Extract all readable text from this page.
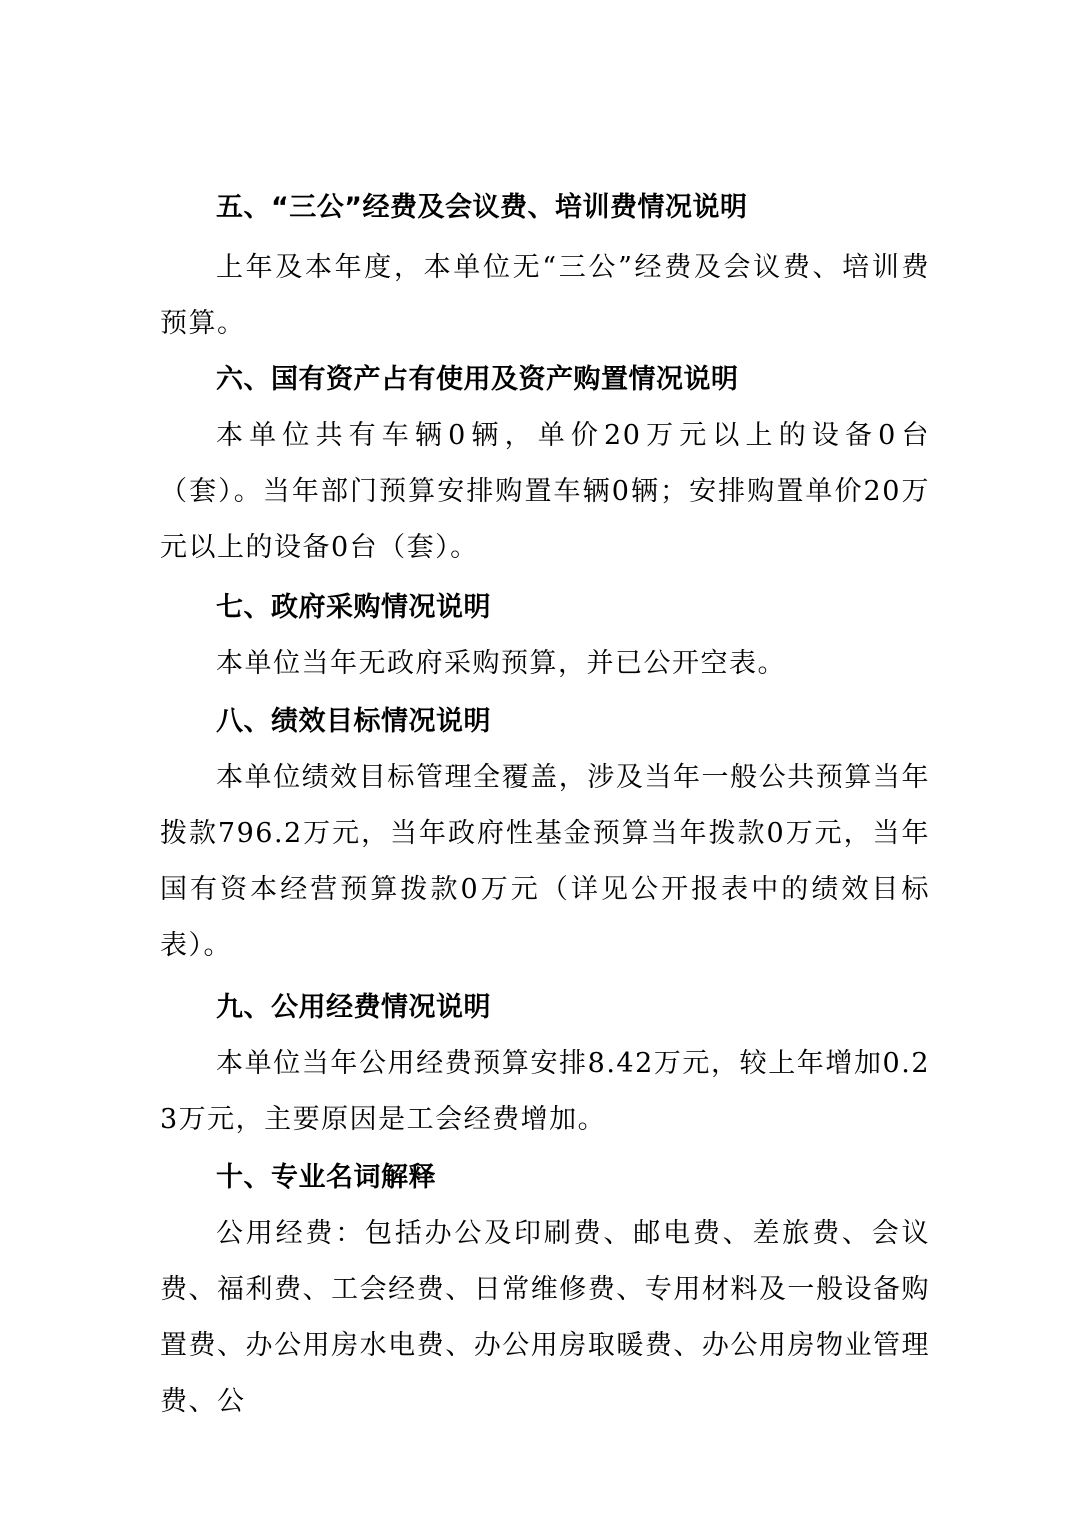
五、“三公”经费及会议费、培训费情况说明

上年及本年度，本单位无“三公”经费及会议费、培训费预算。

六、国有资产占有使用及资产购置情况说明

本单位共有车辆0辆，单价20万元以上的设备0台（套）。当年部门预算安排购置车辆0辆；安排购置单价20万元以上的设备0台（套）。

七、政府采购情况说明

本单位当年无政府采购预算，并已公开空表。

八、绩效目标情况说明

本单位绩效目标管理全覆盖，涉及当年一般公共预算当年拨款796.2万元，当年政府性基金预算当年拨款0万元，当年国有资本经营预算拨款0万元（详见公开报表中的绩效目标表）。

九、公用经费情况说明

本单位当年公用经费预算安排8.42万元，较上年增加0.23万元，主要原因是工会经费增加。

十、专业名词解释

公用经费：包括办公及印刷费、邮电费、差旅费、会议费、福利费、工会经费、日常维修费、专用材料及一般设备购置费、办公用房水电费、办公用房取暖费、办公用房物业管理费、公
